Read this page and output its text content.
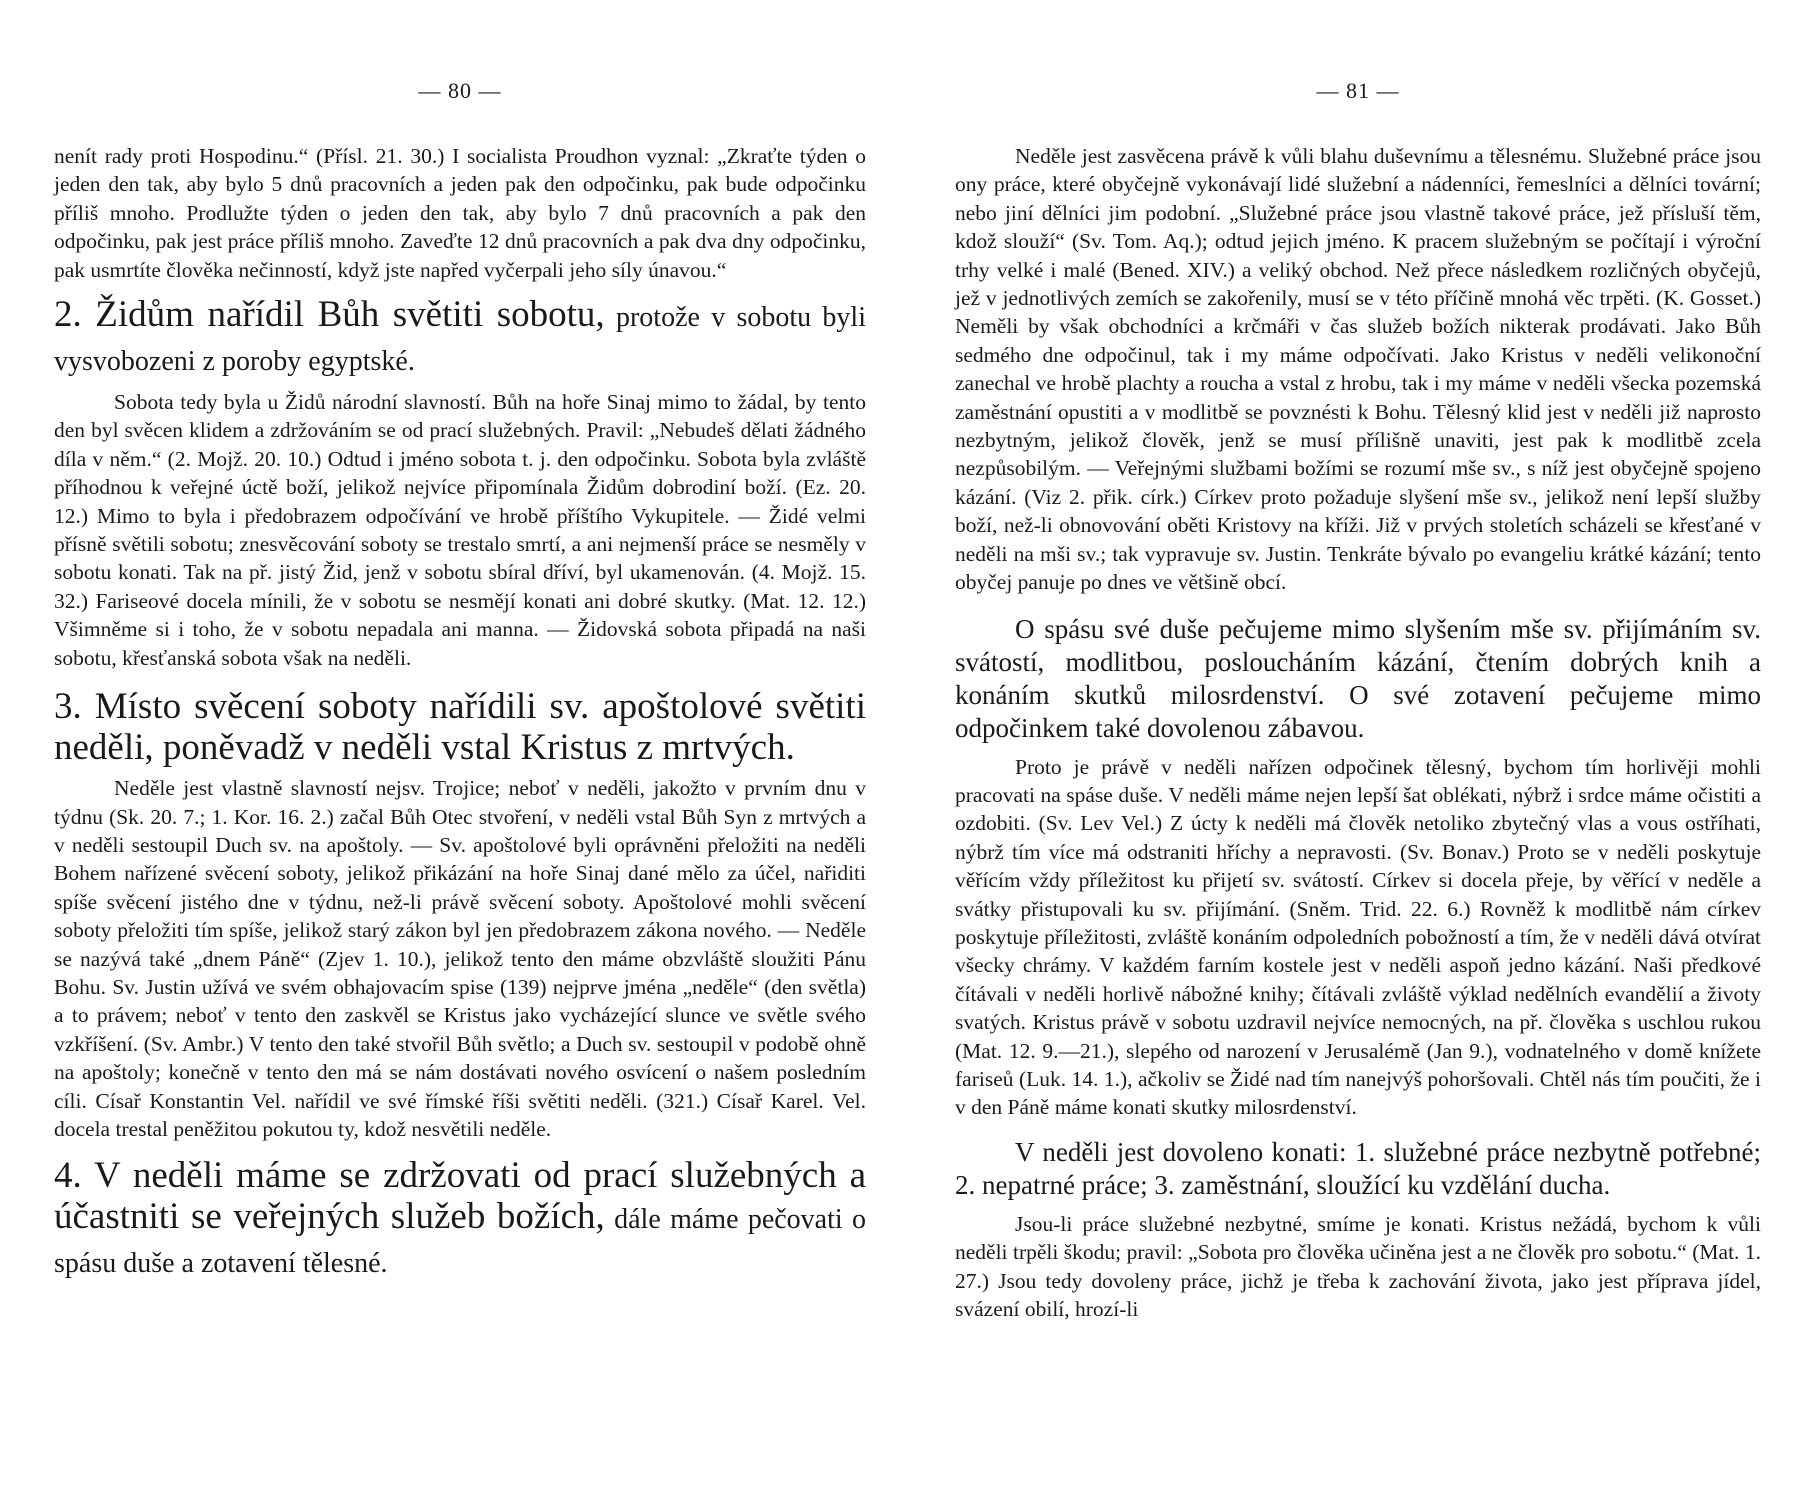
— 80 —

nenít rady proti Hospodinu.“ (Přísl. 21. 30.) I socialista Proudhon vyznal: „Zkraťte týden o jeden den tak, aby bylo 5 dnů pracovních a jeden pak den odpočinku, pak bude odpočinku příliš mnoho. Prodlužte týden o jeden den tak, aby bylo 7 dnů pracovních a pak den odpočinku, pak jest práce příliš mnoho. Zaveďte 12 dnů pracovních a pak dva dny odpočinku, pak usmrtíte člověka nečinností, když jste napřed vyčerpali jeho síly únavou.“

2. Židům nařídil Bůh světiti sobotu, protože v sobotu byli vysvobozeni z poroby egyptské.

Sobota tedy byla u Židů národní slavností. Bůh na hoře Sinaj mimo to žádal, by tento den byl svěcen klidem a zdržováním se od prací služebných. Pravil: „Nebudeš dělati žádného díla v něm.“ (2. Mojž. 20. 10.) Odtud i jméno sobota t. j. den odpočinku. Sobota byla zvláště příhodnou k veřejné úctě boží, jelikož nejvíce připomínala Židům dobrodiní boží. (Ez. 20. 12.) Mimo to byla i předobrazem odpočívání ve hrobě příštího Vykupitele. — Židé velmi přísně světili sobotu; znesvěcování soboty se trestalo smrtí, a ani nejmenší práce se nesměly v sobotu konati. Tak na př. jistý Žid, jenž v sobotu sbíral dříví, byl ukamenován. (4. Mojž. 15. 32.) Fariseové docela mínili, že v sobotu se nesmějí konati ani dobré skutky. (Mat. 12. 12.) Všimněme si i toho, že v sobotu nepadala ani manna. — Židovská sobota připadá na naši sobotu, křesťanská sobota však na neděli.

3. Místo svěcení soboty nařídili sv. apoštolové světiti neděli, poněvadž v neděli vstal Kristus z mrtvých.

Neděle jest vlastně slavností nejsv. Trojice; neboť v neděli, jakožto v prvním dnu v týdnu (Sk. 20. 7.; 1. Kor. 16. 2.) začal Bůh Otec stvoření, v neděli vstal Bůh Syn z mrtvých a v neděli sestoupil Duch sv. na apoštoly. — Sv. apoštolové byli oprávněni přeložiti na neděli Bohem nařízené svěcení soboty, jelikož přikázání na hoře Sinaj dané mělo za účel, nařiditi spíše svěcení jistého dne v týdnu, než-li právě svěcení soboty. Apoštolové mohli svěcení soboty přeložiti tím spíše, jelikož starý zákon byl jen předobrazem zákona nového. — Neděle se nazývá také „dnem Páně“ (Zjev 1. 10.), jelikož tento den máme obzvláště sloužiti Pánu Bohu. Sv. Justin užívá ve svém obhajovacím spise (139) nejprve jména „neděle“ (den světla) a to právem; neboť v tento den zaskvěl se Kristus jako vycházející slunce ve světle svého vzkříšení. (Sv. Ambr.) V tento den také stvořil Bůh světlo; a Duch sv. sestoupil v podobě ohně na apoštoly; konečně v tento den má se nám dostávati nového osvícení o našem posledním cíli. Císař Konstantin Vel. nařídil ve své římské říši světiti neděli. (321.) Císař Karel. Vel. docela trestal peněžitou pokutou ty, kdož nesvětili neděle.

4. V neděli máme se zdržovati od prací služebných a účastniti se veřejných služeb božích, dále máme pečovati o spásu duše a zotavení tělesné.
— 81 —

Neděle jest zasvěcena právě k vůli blahu duševnímu a tělesnému. Služebné práce jsou ony práce, které obyčejně vykonávají lidé služební a nádenníci, řemeslníci a dělníci tovární; nebo jiní dělníci jim podobní. „Služebné práce jsou vlastně takové práce, jež přísluší těm, kdož slouží“ (Sv. Tom. Aq.); odtud jejich jméno. K pracem služebným se počítají i výroční trhy velké i malé (Bened. XIV.) a veliký obchod. Než přece následkem rozličných obyčejů, jež v jednotlivých zemích se zakořenily, musí se v této příčině mnohá věc trpěti. (K. Gosset.) Neměli by však obchodníci a krčmáři v čas služeb božích nikterak prodávati. Jako Bůh sedmého dne odpočinul, tak i my máme odpočívati. Jako Kristus v neděli velikonoční zanechal ve hrobě plachty a roucha a vstal z hrobu, tak i my máme v neděli všecka pozemská zaměstnání opustiti a v modlitbě se povznésti k Bohu. Tělesný klid jest v neděli již naprosto nezbytným, jelikož člověk, jenž se musí přílišně unaviti, jest pak k modlitbě zcela nezpůsobilým. — Veřejnými službami božími se rozumí mše sv., s níž jest obyčejně spojeno kázání. (Viz 2. přik. círk.) Církev proto požaduje slyšení mše sv., jelikož není lepší služby boží, než-li obnovování oběti Kristovy na kříži. Již v prvých stoletích scházeli se křesťané v neděli na mši sv.; tak vypravuje sv. Justin. Tenkráte bývalo po evangeliu krátké kázání; tento obyčej panuje po dnes ve většině obcí.

O spásu své duše pečujeme mimo slyšením mše sv. přijímáním sv. svátostí, modlitbou, posloucháním kázání, čtením dobrých knih a konáním skutků milosrdenství. O své zotavení pečujeme mimo odpočinkem také dovolenou zábavou.

Proto je právě v neděli nařízen odpočinek tělesný, bychom tím horlivěji mohli pracovati na spáse duše. V neděli máme nejen lepší šat oblékati, nýbrž i srdce máme očistiti a ozdobiti. (Sv. Lev Vel.) Z úcty k neděli má člověk netoliko zbytečný vlas a vous ostříhati, nýbrž tím více má odstraniti hříchy a nepravosti. (Sv. Bonav.) Proto se v neděli poskytuje věřícím vždy příležitost ku přijetí sv. svátostí. Církev si docela přeje, by věřící v neděle a svátky přistupovali ku sv. přijímání. (Sněm. Trid. 22. 6.) Rovněž k modlitbě nám církev poskytuje příležitosti, zvláště konáním odpoledních pobožností a tím, že v neděli dává otvírat všecky chrámy. V každém farním kostele jest v neděli aspoň jedno kázání. Naši předkové čítávali v neděli horlivě nábožné knihy; čítávali zvláště výklad nedělních evandělií a životy svatých. Kristus právě v sobotu uzdravil nejvíce nemocných, na př. člověka s uschlou rukou (Mat. 12. 9.—21.), slepého od narození v Jerusalémě (Jan 9.), vodnatelného v domě knížete fariseů (Luk. 14. 1.), ačkoliv se Židé nad tím nanejvýš pohoršovali. Chtěl nás tím poučiti, že i v den Páně máme konati skutky milosrdenství.

V neděli jest dovoleno konati: 1. služebné práce nezbytně potřebné; 2. nepatrné práce; 3. zaměstnání, sloužící ku vzdělání ducha.

Jsou-li práce služebné nezbytné, smíme je konati. Kristus nežádá, bychom k vůli neděli trpěli škodu; pravil: „Sobota pro člověka učiněna jest a ne člověk pro sobotu.“ (Mat. 1. 27.) Jsou tedy dovoleny práce, jichž je třeba k zachování života, jako jest příprava jídel, svázení obilí, hrozí-li
